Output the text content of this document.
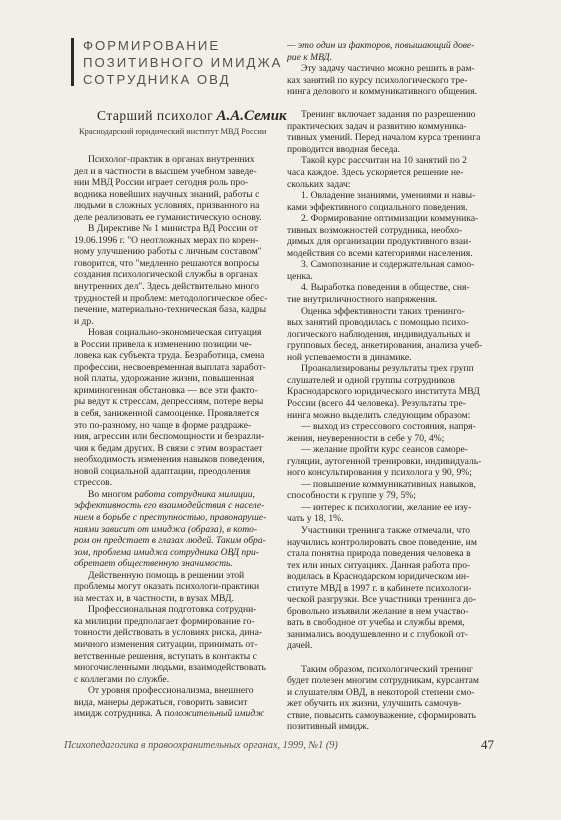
ФОРМИРОВАНИЕ
ПОЗИТИВНОГО ИМИДЖА
СОТРУДНИКА ОВД
Старший психолог А.А.Семик
Краснодарский юридический институт МВД России
Психолог-практик в органах внутренних
дел и в частности в высшем учебном заведе-
нии МВД России играет сегодня роль про-
водника новейших научных знаний, работы с
людьми в сложных условиях, призванного на
деле реализовать ее гуманистическую основу.
В Директиве № 1 министра ВД России от
19.06.1996 г. "О неотложных мерах по корен-
ному улучшению работы с личным составом"
говорится, что "медленно решаются вопросы
создания психологической службы в органах
внутренних дел". Здесь действительно много
трудностей и проблем: методологическое обес-
печение, материально-техническая база, кадры
и др.
Новая социально-экономическая ситуация
в России привела к изменению позиции че-
ловека как субъекта труда. Безработица, смена
профессии, несвоевременная выплата заработ-
ной платы, удорожание жизни, повышенная
криминогенная обстановка — все эти факто-
ры ведут к стрессам, депрессиям, потере веры
в себя, заниженной самооценке. Проявляется
это по-разному, но чаще в форме раздраже-
ния, агрессии или беспомощности и безрazли-
чия к бедам других. В связи с этим возрастает
необходимость изменения навыков поведения,
новой социальной адаптации, преодоления
стрессов.
Во многом работа сотрудника милиции,
эффективность его взаимодействия с населе-
нием в борьбе с преступностью, правонаруше-
ниями зависит от имиджа (образа), в кото-
ром он предстает в глазах людей. Таким обра-
зом, проблема имиджа сотрудника ОВД при-
обретает общественную значимость.
Действенную помощь в решении этой
проблемы могут оказать психологи-практики
на местах и, в частности, в вузах МВД.
Профессиональная подготовка сотрудни-
ка милиции предполагает формирование го-
товности действовать в условиях риска, дина-
мичного изменения ситуации, принимать от-
ветственные решения, вступать в контакты с
многочисленными людьми, взаимодействовать
с коллегами по службе.
От уровня профессионализма, внешнего
вида, манеры держаться, говорить зависит
имидж сотрудника. А положительный имидж
— это один из факторов, повышающий дове-
рие к МВД.
Эту задачу частично можно решить в рам-
ках занятий по курсу психологического тре-
нинга делового и коммуникативного общения.
Тренинг включает задания по разрешению
практических задач и развитию коммуника-
тивных умений. Перед началом курса тренинга
проводится вводная беседа.
Такой курс рассчитан на 10 занятий по 2
часа каждое. Здесь ускоряется решение не-
скольких задач:
1. Овладение знаниями, умениями и навы-
ками эффективного социального поведения.
2. Формирование оптимизации коммуника-
тивных возможностей сотрудника, необхо-
димых для организации продуктивного взаи-
модействия со всеми категориями населения.
3. Самопознание и содержательная самоо-
ценка.
4. Выработка поведения в обществе, сня-
тие внутриличностного напряжения.
Оценка эффективности таких тренинго-
вых занятий проводилась с помощью психо-
логического наблюдения, индивидуальных и
групповых бесед, анкетирования, анализа учеб-
ной успеваемости в динамике.
Проанализированы результаты трех групп
слушателей и одной группы сотрудников
Краснодарского юридического института МВД
России (всего 44 человека). Результаты тре-
нинга можно выделить следующим образом:
— выход из стрессового состояния, напря-
жения, неуверенности в себе у 70, 4%;
— желание пройти курс сеансов саморе-
гуляции, аутогенной тренировки, индивидуаль-
ного консультирования у психолога у 90, 9%;
— повышение коммуникативных навыков,
способности к группе у 79, 5%;
— интерес к психологии, желание ее изу-
чать у 18, 1%.
Участники тренинга также отмечали, что
научились контролировать свое поведение, им
стала понятна природа поведения человека в
тех или иных ситуациях. Данная работа про-
водилась в Краснодарском юридическом ин-
ституте МВД в 1997 г. в кабинете психологи-
ческой разгрузки. Все участники тренинга до-
бровольно изъявили желание в нем участво-
вать в свободное от учебы и службы время,
занимались воодушевленно и с глубокой от-
дачей.
Таким образом, психологический тренинг
будет полезен многим сотрудникам, курсантам
и слушателям ОВД, в некоторой степени смо-
жет обучить их жизни, улучшить самочув-
ствие, повысить самоуважение, сформировать
позитивный имидж.
Психопедагогика в правоохранительных органах, 1999, №1 (9)	47
